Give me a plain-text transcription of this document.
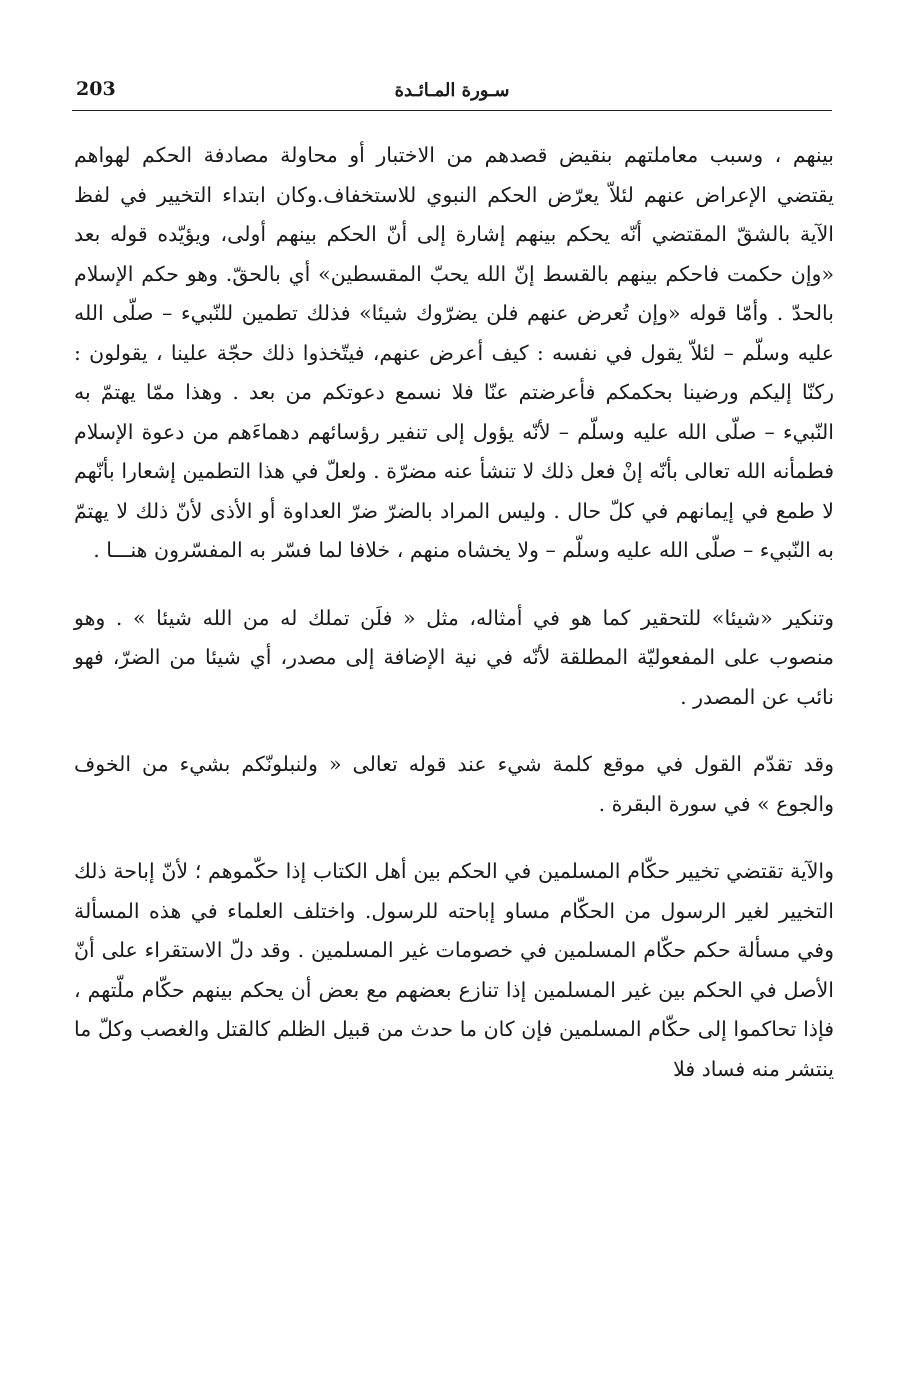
203	سـورة المـائـدة

بينهم ، وسبب معاملتهم بنقيض قصدهم من الاختبار أو محاولة مصادفة الحكم لهواهم يقتضي الإعراض عنهم لئلاّ يعرّض الحكم النبوي للاستخفاف.وكان ابتداء التخيير في لفظ الآية بالشقّ المقتضي أنّه يحكم بينهم إشارة إلى أنّ الحكم بينهم أولى، ويؤيّده قوله بعد «وإن حكمت فاحكم بينهم بالقسط إنّ الله يحبّ المقسطين» أي بالحقّ. وهو حكم الإسلام بالحدّ . وأمّا قوله «وإن تُعرض عنهم فلن يضرّوك شيئا» فذلك تطمين للنّبيء – صلّى الله عليه وسلّم – لئلاّ يقول في نفسه : كيف أعرض عنهم، فيتّخذوا ذلك حجّة علينا ، يقولون : ركنّا إليكم ورضينا بحكمكم فأعرضتم عنّا فلا نسمع دعوتكم من بعد . وهذا ممّا يهتمّ به النّبيء – صلّى الله عليه وسلّم – لأنّه يؤول إلى تنفير رؤسائهم دهماءَهم من دعوة الإسلام فطمأنه الله تعالى بأنّه إنْ فعل ذلك لا تنشأ عنه مضرّة . ولعلّ في هذا التطمين إشعارا بأنّهم لا طمع في إيمانهم في كلّ حال . وليس المراد بالضرّ ضرّ العداوة أو الأذى لأنّ ذلك لا يهتمّ به النّبيء – صلّى الله عليه وسلّم – ولا يخشاه منهم ، خلافا لما فسّر به المفسّرون هنـــا .

وتنكير «شيئا» للتحقير كما هو في أمثاله، مثل « فلَن تملك له من الله شيئا » . وهو منصوب على المفعوليّة المطلقة لأنّه في نية الإضافة إلى مصدر، أي شيئا من الضرّ، فهو نائب عن المصدر .

وقد تقدّم القول في موقع كلمة شيء عند قوله تعالى « ولنبلونّكم بشيء من الخوف والجوع » في سورة البقرة .

والآية تقتضي تخيير حكّام المسلمين في الحكم بين أهل الكتاب إذا حكّموهم ؛ لأنّ إباحة ذلك التخيير لغير الرسول من الحكّام مساو إباحته للرسول. واختلف العلماء في هذه المسألة وفي مسألة حكم حكّام المسلمين في خصومات غير المسلمين . وقد دلّ الاستقراء على أنّ الأصل في الحكم بين غير المسلمين إذا تنازع بعضهم مع بعض أن يحكم بينهم حكّام ملّتهم ، فإذا تحاكموا إلى حكّام المسلمين فإن كان ما حدث من قبيل الظلم كالقتل والغصب وكلّ ما ينتشر منه فساد فلا
